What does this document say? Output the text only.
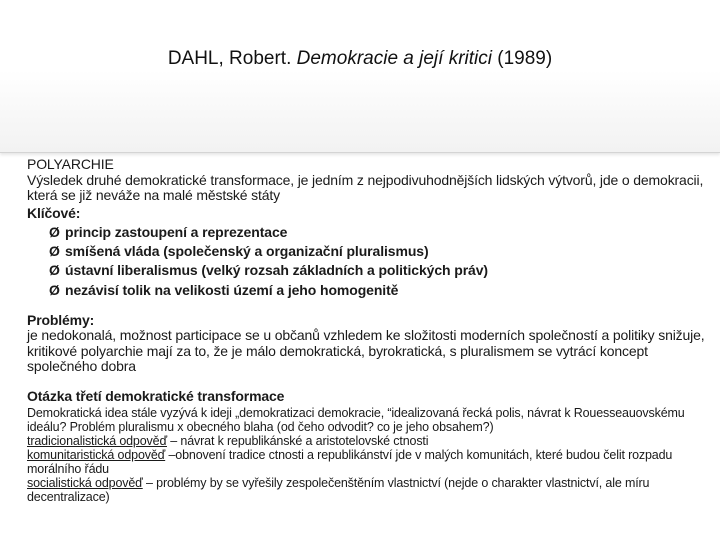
DAHL, Robert. Demokracie a její kritici (1989)
POLYARCHIE
Výsledek druhé demokratické transformace, je jedním z nejpodivuhodnějších lidských výtvorů, jde o demokracii, která se již neváže na malé městské státy
Klíčové:
Ø princip zastoupení a reprezentace
Ø smíšená vláda (společenský a organizační pluralismus)
Ø ústavní liberalismus (velký rozsah základních a politických práv)
Ø nezávisí tolik na velikosti území a jeho homogenitě
Problémy:
je nedokonalá, možnost participace se u občanů vzhledem ke složitosti moderních společností a politiky snižuje, kritikové polyarchie mají za to, že je málo demokratická, byrokratická, s pluralismem se vytrácí koncept společného dobra
Otázka třetí demokratické transformace
Demokratická idea stále vyzývá k ideji „demokratizaci demokracie, “idealizovaná řecká polis, návrat k Rouesseauovskému ideálu? Problém pluralismu x obecného blaha (od čeho odvodit? co je jeho obsahem?)
tradicionalistická odpověď – návrat k republikánské a aristotelovské ctnosti
komunitaristická odpověď –obnovení tradice ctnosti a republikánství jde v malých komunitách, které budou čelit rozpadu morálního řádu
socialistická odpověď – problémy by se vyřešily zespolečenštěním vlastnictví (nejde o charakter vlastnictví, ale míru decentralizace)
